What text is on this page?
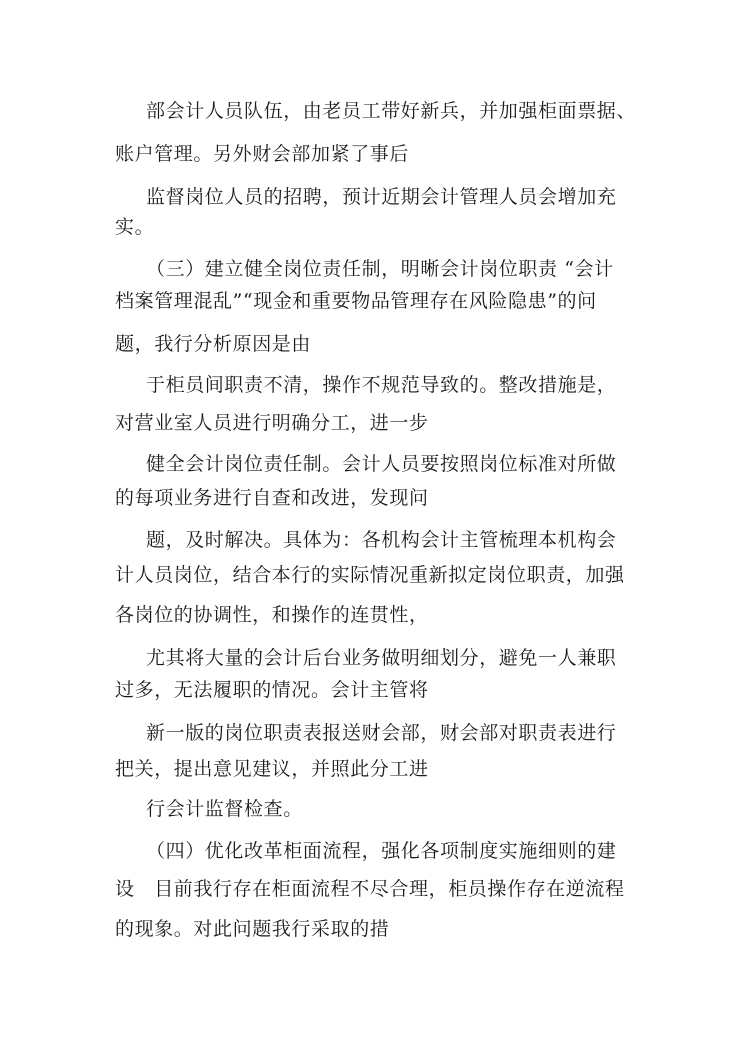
部会计人员队伍，由老员工带好新兵，并加强柜面票据、

账户管理。另外财会部加紧了事后

监督岗位人员的招聘，预计近期会计管理人员会增加充

实。

（三）建立健全岗位责任制，明晰会计岗位职责 “会计

档案管理混乱”“现金和重要物品管理存在风险隐患”的问

题，我行分析原因是由

于柜员间职责不清，操作不规范导致的。整改措施是，

对营业室人员进行明确分工，进一步

健全会计岗位责任制。会计人员要按照岗位标准对所做

的每项业务进行自查和改进，发现问

题，及时解决。具体为：各机构会计主管梳理本机构会

计人员岗位，结合本行的实际情况重新拟定岗位职责，加强

各岗位的协调性，和操作的连贯性，

尤其将大量的会计后台业务做明细划分，避免一人兼职

过多，无法履职的情况。会计主管将

新一版的岗位职责表报送财会部，财会部对职责表进行

把关，提出意见建议，并照此分工进

行会计监督检查。

（四）优化改革柜面流程，强化各项制度实施细则的建

设　目前我行存在柜面流程不尽合理，柜员操作存在逆流程

的现象。对此问题我行采取的措
